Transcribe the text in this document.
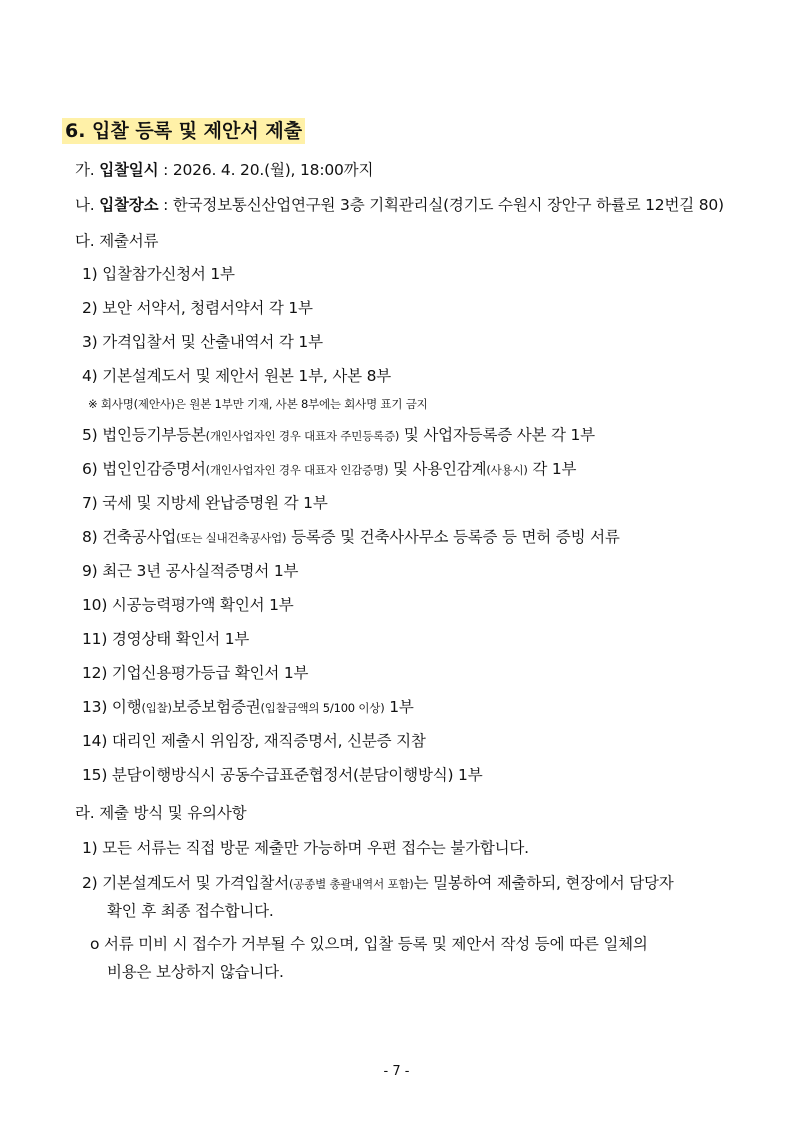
6. 입찰 등록 및 제안서 제출
가. 입찰일시 : 2026. 4. 20.(월), 18:00까지
나. 입찰장소 : 한국정보통신산업연구원 3층 기획관리실(경기도 수원시 장안구 하률로 12번길 80)
다. 제출서류
1) 입찰참가신청서 1부
2) 보안 서약서, 청렴서약서 각 1부
3) 가격입찰서 및 산출내역서 각 1부
4) 기본설계도서 및 제안서 원본 1부, 사본 8부
※ 회사명(제안사)은 원본 1부만 기재, 사본 8부에는 회사명 표기 금지
5) 법인등기부등본(개인사업자인 경우 대표자 주민등록증) 및 사업자등록증 사본 각 1부
6) 법인인감증명서(개인사업자인 경우 대표자 인감증명) 및 사용인감계(사용시) 각 1부
7) 국세 및 지방세 완납증명원 각 1부
8) 건축공사업(또는 실내건축공사업) 등록증 및 건축사사무소 등록증 등 면허 증빙 서류
9) 최근 3년 공사실적증명서 1부
10) 시공능력평가액 확인서 1부
11) 경영상태 확인서 1부
12) 기업신용평가등급 확인서 1부
13) 이행(입찰)보증보험증권(입찰금액의 5/100 이상) 1부
14) 대리인 제출시 위임장, 재직증명서, 신분증 지참
15) 분담이행방식시 공동수급표준협정서(분담이행방식) 1부
라. 제출 방식 및 유의사항
1) 모든 서류는 직접 방문 제출만 가능하며 우편 접수는 불가합니다.
2) 기본설계도서 및 가격입찰서(공종별 총괄내역서 포함)는 밀봉하여 제출하되, 현장에서 담당자
확인 후 최종 접수합니다.
o 서류 미비 시 접수가 거부될 수 있으며, 입찰 등록 및 제안서 작성 등에 따른 일체의
비용은 보상하지 않습니다.
- 7 -
